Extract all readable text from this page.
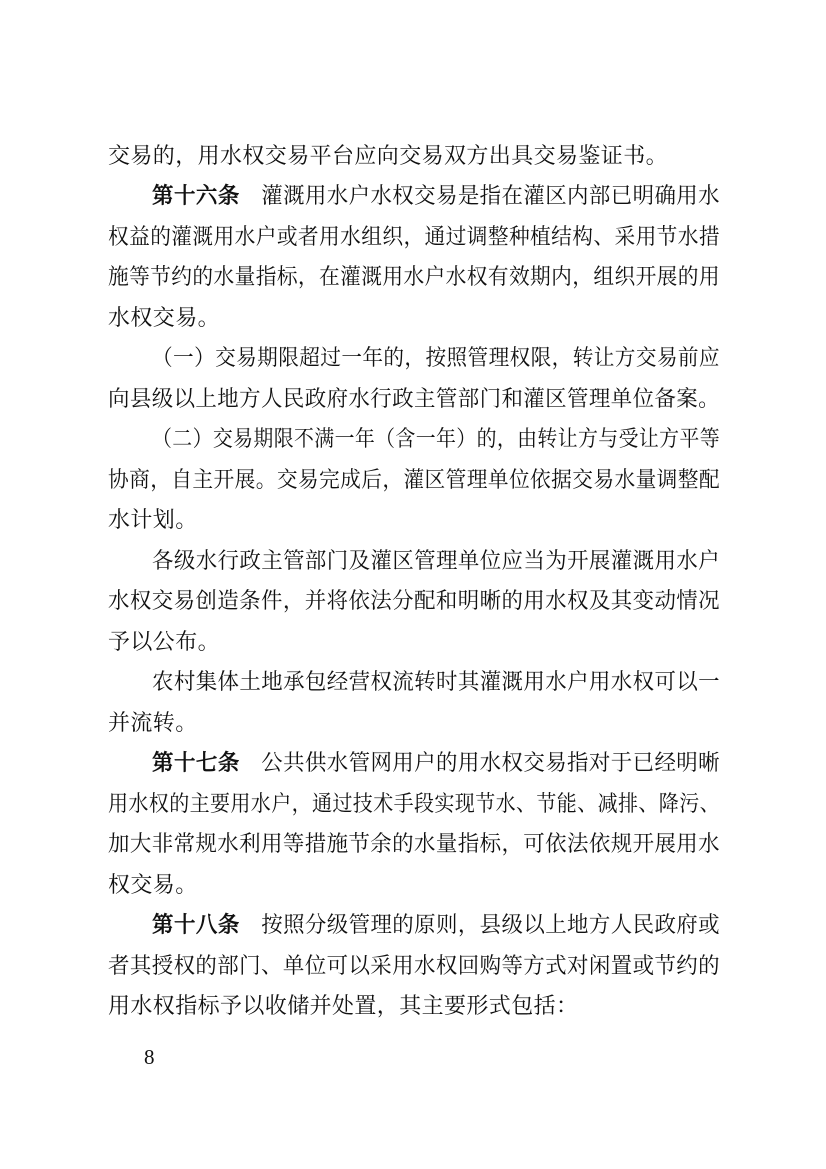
交易的，用水权交易平台应向交易双方出具交易鉴证书。
第十六条 灌溉用水户水权交易是指在灌区内部已明确用水
权益的灌溉用水户或者用水组织，通过调整种植结构、采用节水措
施等节约的水量指标，在灌溉用水户水权有效期内，组织开展的用
水权交易。
（一）交易期限超过一年的，按照管理权限，转让方交易前应
向县级以上地方人民政府水行政主管部门和灌区管理单位备案。
（二）交易期限不满一年（含一年）的，由转让方与受让方平等
协商，自主开展。交易完成后，灌区管理单位依据交易水量调整配
水计划。
各级水行政主管部门及灌区管理单位应当为开展灌溉用水户
水权交易创造条件，并将依法分配和明晰的用水权及其变动情况
予以公布。
农村集体土地承包经营权流转时其灌溉用水户用水权可以一
并流转。
第十七条 公共供水管网用户的用水权交易指对于已经明晰
用水权的主要用水户，通过技术手段实现节水、节能、减排、降污、
加大非常规水利用等措施节余的水量指标，可依法依规开展用水
权交易。
第十八条 按照分级管理的原则，县级以上地方人民政府或
者其授权的部门、单位可以采用水权回购等方式对闲置或节约的
用水权指标予以收储并处置，其主要形式包括：
8
